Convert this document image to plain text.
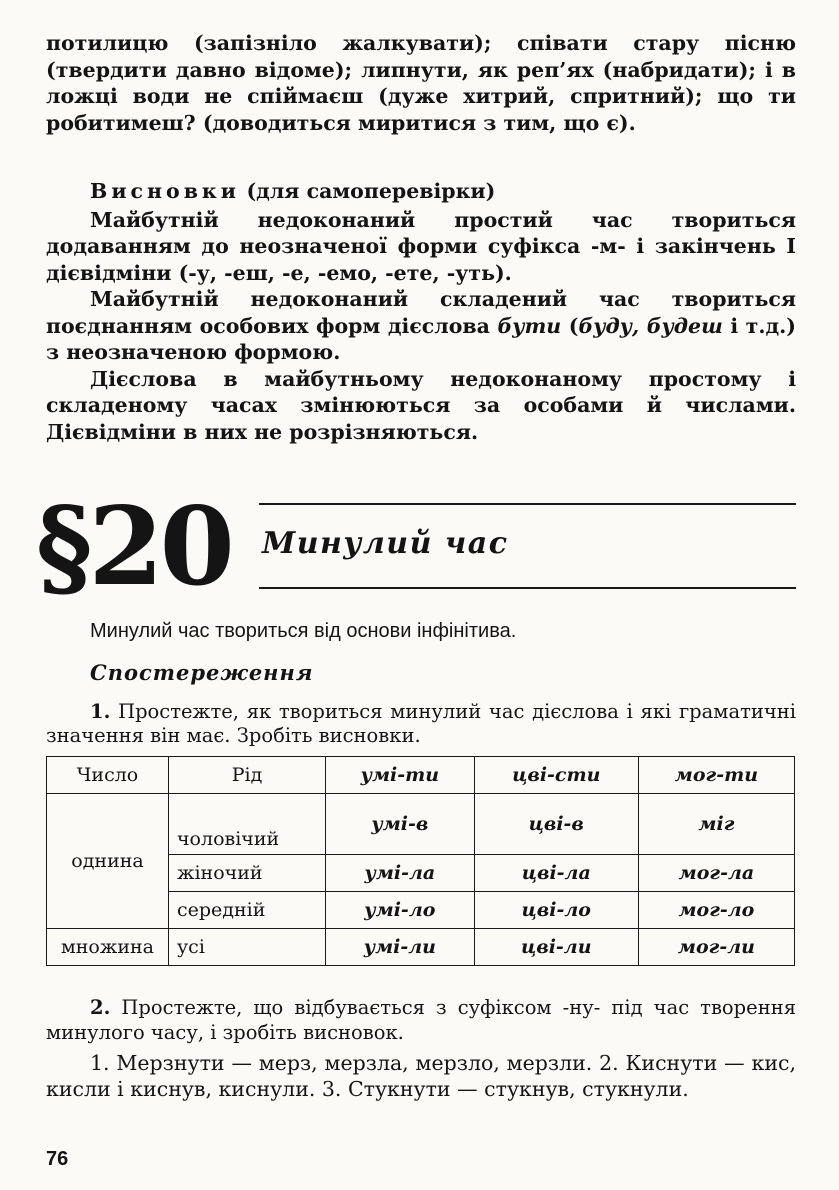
потилицю (запізніло жалкувати); співати стару пісню (твердити давно відоме); липнути, як реп’ях (набридати); і в ложці води не спіймаєш (дуже хитрий, спритний); що ти робитимеш? (доводиться миритися з тим, що є).

Висновки (для самоперевірки)

Майбутній недоконаний простий час твориться додаванням до неозначеної форми суфікса -м- і закінчень І дієвідміни (-у, -еш, -е, -емо, -ете, -уть).

Майбутній недоконаний складений час твориться поєднанням особових форм дієслова бути (буду, будеш і т.д.) з неозначеною формою.

Дієслова в майбутньому недоконаному простому і складеному часах змінюються за особами й числами. Дієвідміни в них не розрізняються.

§20 Минулий час
Минулий час твориться від основи інфінітива.
Спостереження

1. Простежте, як твориться минулий час дієслова і які граматичні значення він має. Зробіть висновки.

Число	Рід	умі-ти	цві-сти	мог-ти
однина	чоловічий	умі-в	цві-в	міг
	жіночий	умі-ла	цві-ла	мог-ла
	середній	умі-ло	цві-ло	мог-ло
множина	усі	умі-ли	цві-ли	мог-ли

2. Простежте, що відбувається з суфіксом -ну- під час творення минулого часу, і зробіть висновок.

1. Мерзнути — мерз, мерзла, мерзло, мерзли. 2. Киснути — кис, кисли і киснув, киснули. 3. Стукнути — стукнув, стукнули.

76
